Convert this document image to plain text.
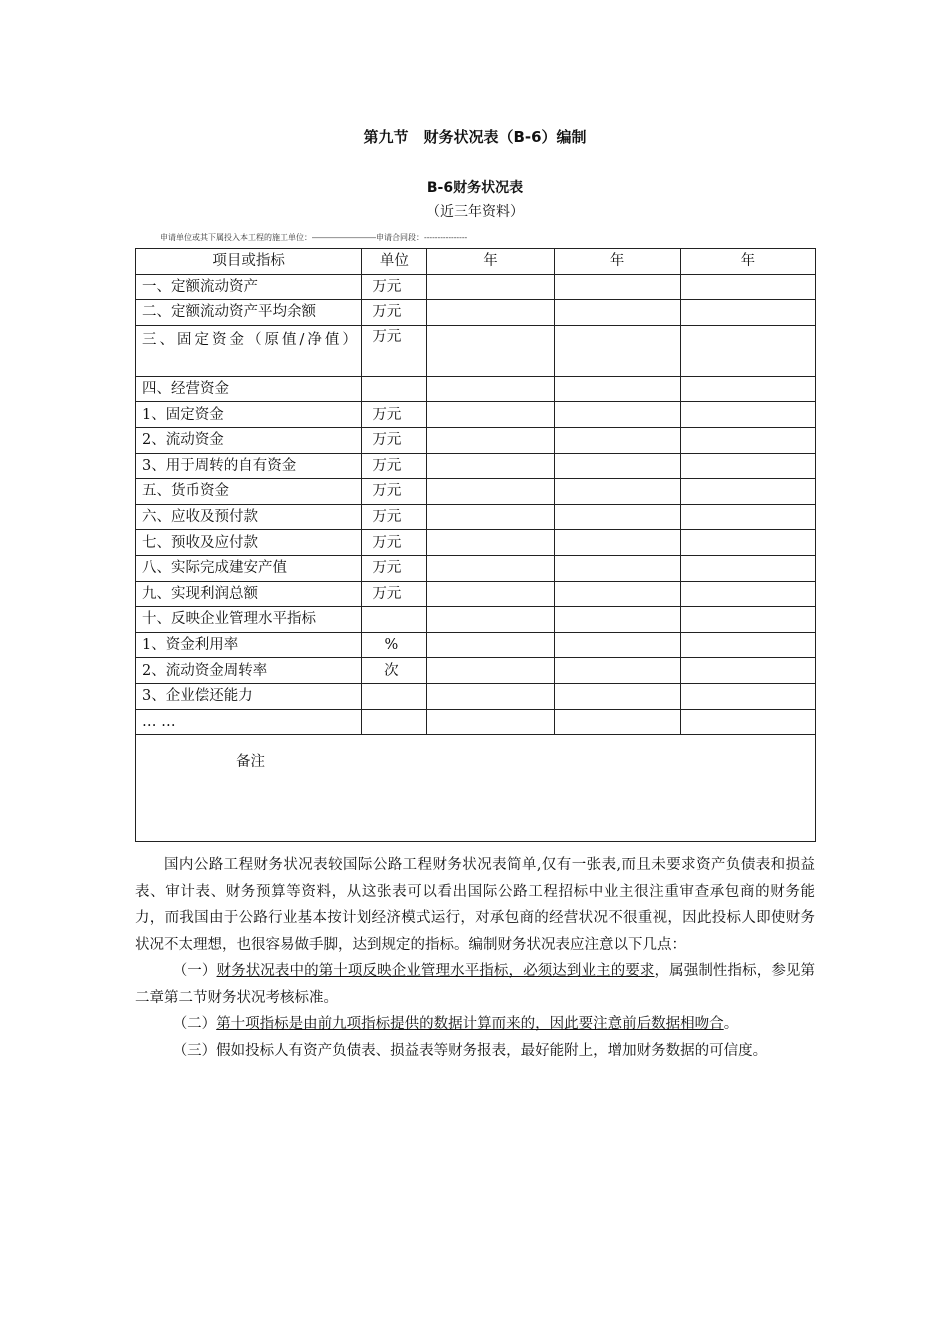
第九节　财务状况表（B-6）编制
B-6财务状况表
（近三年资料）
申请单位或其下属投入本工程的施工单位：――――――――申请合同段：----------------
项目或指标	单位	年	年	年
一、定额流动资产	万元			
二、定额流动资产平均余额	万元			
三、固定资金（原值/净值）	万元			
四、经营资金				
1、固定资金	万元			
2、流动资金	万元			
3、用于周转的自有资金	万元			
五、货币资金	万元			
六、应收及预付款	万元			
七、预收及应付款	万元			
八、实际完成建安产值	万元			
九、实现利润总额	万元			
十、反映企业管理水平指标				
1、资金利用率	%			
2、流动资金周转率	次			
3、企业偿还能力				
… …				
备注				

国内公路工程财务状况表较国际公路工程财务状况表简单,仅有一张表,而且未要求资产负债表和损益表、审计表、财务预算等资料，从这张表可以看出国际公路工程招标中业主很注重审查承包商的财务能力，而我国由于公路行业基本按计划经济模式运行，对承包商的经营状况不很重视，因此投标人即使财务状况不太理想，也很容易做手脚，达到规定的指标。编制财务状况表应注意以下几点：

（一）财务状况表中的第十项反映企业管理水平指标，必须达到业主的要求，属强制性指标，参见第二章第二节财务状况考核标准。

（二）第十项指标是由前九项指标提供的数据计算而来的，因此要注意前后数据相吻合。

（三）假如投标人有资产负债表、损益表等财务报表，最好能附上，增加财务数据的可信度。
